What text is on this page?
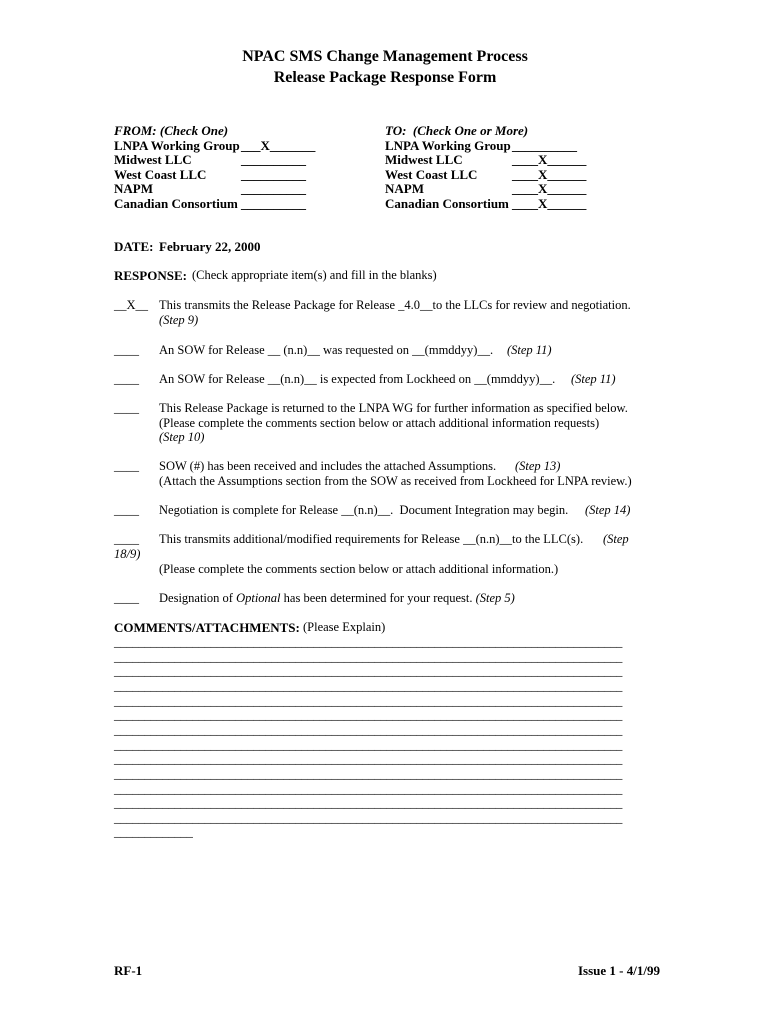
NPAC SMS Change Management Process
Release Package Response Form
FROM: (Check One)
LNPA Working Group ___X_______
Midwest LLC	__________
West Coast LLC	__________
NAPM	__________
Canadian Consortium __________
TO:  (Check One or More)
LNPA Working Group __________
Midwest LLC	____X______
West Coast LLC	____X______
NAPM	____X______
Canadian Consortium ____X______
DATE: February 22, 2000
RESPONSE: (Check appropriate item(s) and fill in the blanks)
__X__ This transmits the Release Package for Release _4.0__to the LLCs for review and negotiation.
(Step 9)
____ An SOW for Release __ (n.n)__ was requested on __(mmddyy)__. (Step 11)
____ An SOW for Release __(n.n)__ is expected from Lockheed on __(mmddyy)__. (Step 11)
____ This Release Package is returned to the LNPA WG for further information as specified below.
(Please complete the comments section below or attach additional information requests)
(Step 10)
____ SOW (#) has been received and includes the attached Assumptions. (Step 13)
(Attach the Assumptions section from the SOW as received from Lockheed for LNPA review.)
____ Negotiation is complete for Release __(n.n)__.  Document Integration may begin. (Step 14)
____ This transmits additional/modified requirements for Release __(n.n)__to the LLC(s). (Step
18/9)
(Please complete the comments section below or attach additional information.)
____ Designation of Optional has been determined for your request. (Step 5)
COMMENTS/ATTACHMENTS: (Please Explain)
____________________________________________________________________________________
____________________________________________________________________________________
____________________________________________________________________________________
____________________________________________________________________________________
____________________________________________________________________________________
____________________________________________________________________________________
____________________________________________________________________________________
____________________________________________________________________________________
____________________________________________________________________________________
____________________________________________________________________________________
____________________________________________________________________________________
____________________________________________________________________________________
____________________________________________________________________________________
_____________
RF-1	Issue 1 - 4/1/99
